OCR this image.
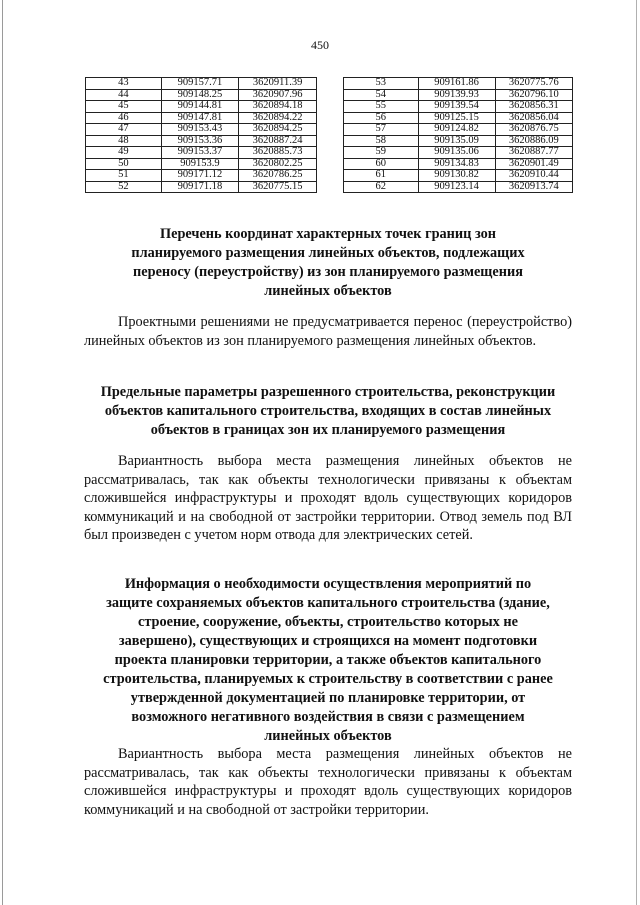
450
43	909157.71	3620911.39
44	909148.25	3620907.96
45	909144.81	3620894.18
46	909147.81	3620894.22
47	909153.43	3620894.25
48	909153.36	3620887.24
49	909153.37	3620885.73
50	909153.9	3620802.25
51	909171.12	3620786.25
52	909171.18	3620775.15
53	909161.86	3620775.76
54	909139.93	3620796.10
55	909139.54	3620856.31
56	909125.15	3620856.04
57	909124.82	3620876.75
58	909135.09	3620886.09
59	909135.06	3620887.77
60	909134.83	3620901.49
61	909130.82	3620910.44
62	909123.14	3620913.74
Перечень координат характерных точек границ зон
планируемого размещения линейных объектов, подлежащих
переносу (переустройству) из зон планируемого размещения
линейных объектов
Проектными решениями не предусматривается перенос (переустройство) линейных объектов из зон планируемого размещения линейных объектов.
Предельные параметры разрешенного строительства, реконструкции
объектов капитального строительства, входящих в состав линейных
объектов в границах зон их планируемого размещения
Вариантность выбора места размещения линейных объектов не рассматривалась, так как объекты технологически привязаны к объектам сложившейся инфраструктуры и проходят вдоль существующих коридоров коммуникаций и на свободной от застройки территории. Отвод земель под ВЛ был произведен с учетом норм отвода для электрических сетей.
Информация о необходимости осуществления мероприятий по
защите сохраняемых объектов капитального строительства (здание,
строение, сооружение, объекты, строительство которых не
завершено), существующих и строящихся на момент подготовки
проекта планировки территории, а также объектов капитального
строительства, планируемых к строительству в соответствии с ранее
утвержденной документацией по планировке территории, от
возможного негативного воздействия в связи с размещением
линейных объектов
Вариантность выбора места размещения линейных объектов не рассматривалась, так как объекты технологически привязаны к объектам сложившейся инфраструктуры и проходят вдоль существующих коридоров коммуникаций и на свободной от застройки территории.
